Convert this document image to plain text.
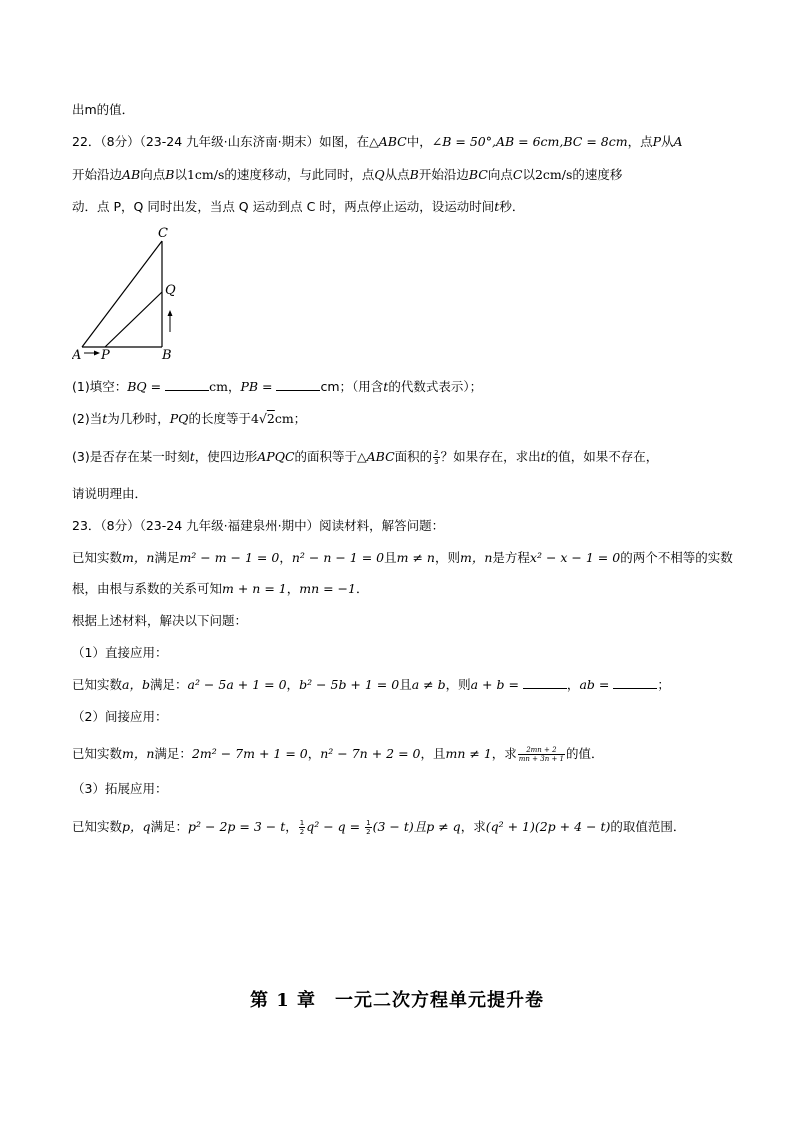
出m的值．
22．（8分）（23-24 九年级·山东济南·期末）如图，在△ABC中，∠B = 50°,AB = 6cm,BC = 8cm，点P从A
开始沿边AB向点B以1cm/s的速度移动，与此同时，点Q从点B开始沿边BC向点C以2cm/s的速度移
动．点 P，Q 同时出发，当点 Q 运动到点 C 时，两点停止运动，设运动时间t秒．
A P	B
C
Q
(1)填空：BQ =	cm，PB =	cm；（用含t的代数式表示）；
(2)当t为几秒时，PQ的长度等于4√2cm；
(3)是否存在某一时刻t，使四边形APQC的面积等于△ABC面积的 $\frac{2}{3}$ ？如果存在，求出t的值，如果不存在，
请说明理由．
23．（8分）（23-24 九年级·福建泉州·期中）阅读材料，解答问题：
已知实数m，n满足m² − m − 1 = 0，n² − n − 1 = 0且m ≠ n，则m，n是方程x² − x − 1 = 0的两个不相等的实数
根，由根与系数的关系可知m + n = 1，mn = −1．
根据上述材料，解决以下问题：
（1）直接应用：
已知实数a，b满足：a² − 5a + 1 = 0，b² − 5b + 1 = 0且a ≠ b，则a + b =	，ab =	；
（2）间接应用：
已知实数m，n满足：2m² − 7m + 1 = 0，n² − 7n + 2 = 0，且mn ≠ 1，求 $\frac{2mn + 2}{mn + 3n + 1}$ 的值．
（3）拓展应用：
已知实数p，q满足：p² − 2p = 3 − t， $\frac{1}{2} q^2 - q = \frac{1}{2} (3 - t)$且p ≠ q，求(q² + 1)(2p + 4 − t)的取值范围．
第 1 章　一元二次方程单元提升卷
